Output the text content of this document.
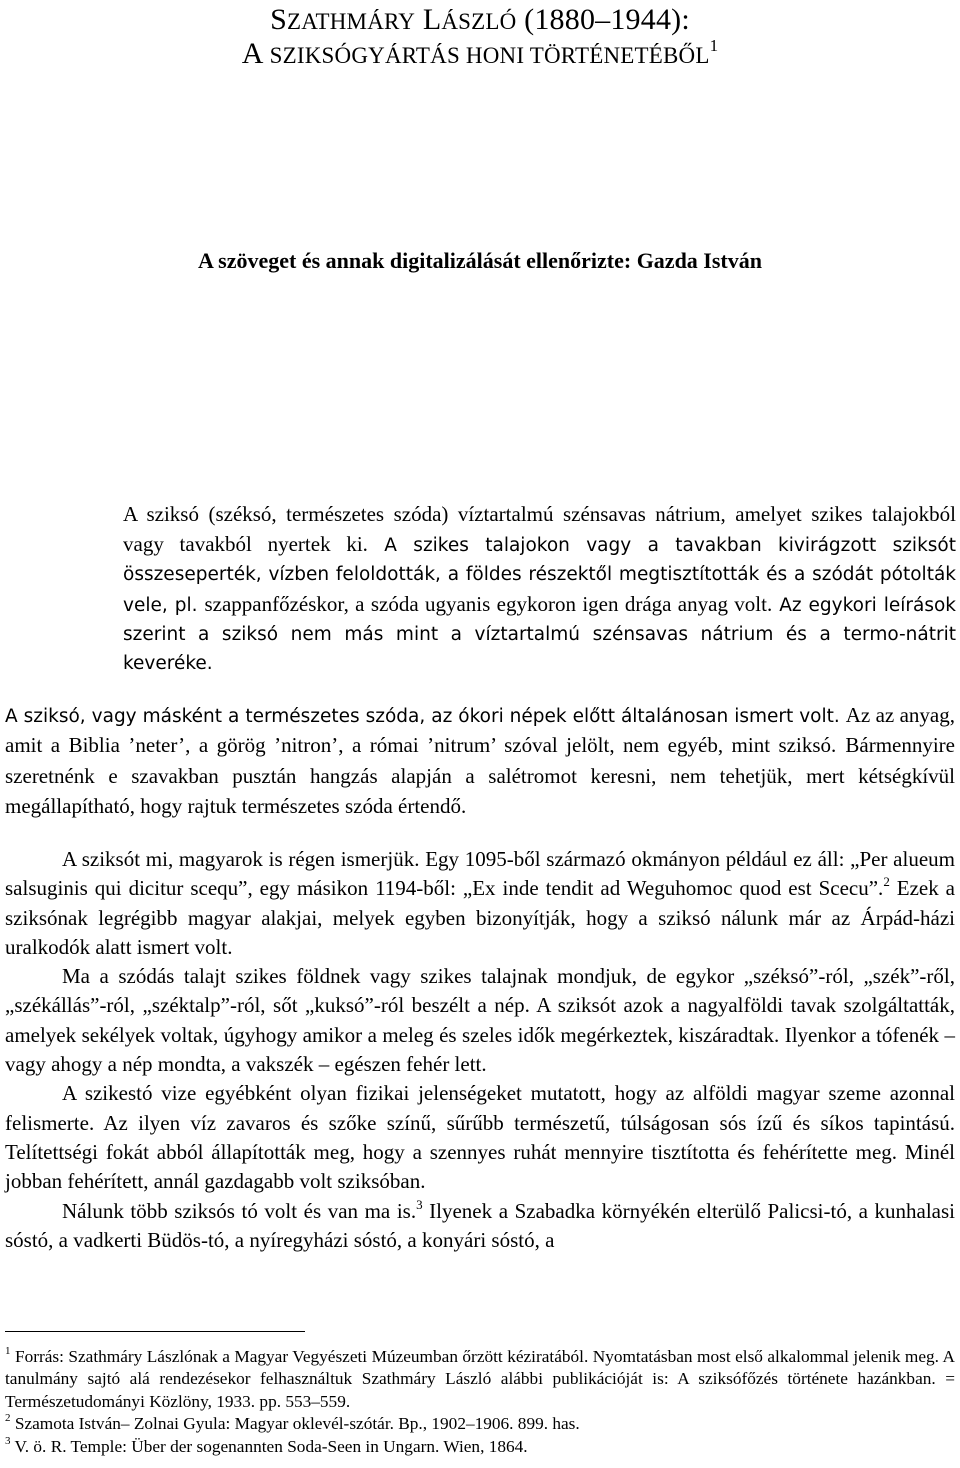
SZATHMÁRY LÁSZLÓ (1880–1944):
A SZIKSÓGYÁRTÁS HONI TÖRTÉNETÉBŐL$^1$
A szöveget és annak digitalizálását ellenőrizte: Gazda István

A sziksó (széksó, természetes szóda) víztartalmú szénsavas nátrium, amelyet szikes talajokból vagy tavakból nyertek ki. A szikes talajokon vagy a tavakban kivirágzott sziksót összeseperték, vízben feloldották, a földes részektől megtisztították és a szódát pótolták vele, pl. szappanfőzéskor, a szóda ugyanis egykoron igen drága anyag volt. Az egykori leírások szerint a sziksó nem más mint a víztartalmú szénsavas nátrium és a termo-nátrit keveréke.

A sziksó, vagy másként a természetes szóda, az ókori népek előtt általánosan ismert volt. Az az anyag, amit a Biblia ’neter’, a görög ’nitron’, a római ’nitrum’ szóval jelölt, nem egyéb, mint sziksó. Bármennyire szeretnénk e szavakban pusztán hangzás alapján a salétromot keresni, nem tehetjük, mert kétségkívül megállapítható, hogy rajtuk természetes szóda értendő.

A sziksót mi, magyarok is régen ismerjük. Egy 1095-ből származó okmányon például ez áll: „Per alueum salsuginis qui dicitur scequ”, egy másikon 1194-ből: „Ex inde tendit ad Weguhomoc quod est Scecu”.$^2$ Ezek a sziksónak legrégibb magyar alakjai, melyek egyben bizonyítják, hogy a sziksó nálunk már az Árpád-házi uralkodók alatt ismert volt.

Ma a szódás talajt szikes földnek vagy szikes talajnak mondjuk, de egykor „széksó”-ról, „szék”-ről, „székállás”-ról, „széktalp”-ról, sőt „kuksó”-ról beszélt a nép. A sziksót azok a nagyalföldi tavak szolgáltatták, amelyek sekélyek voltak, úgyhogy amikor a meleg és szeles idők megérkeztek, kiszáradtak. Ilyenkor a tófenék – vagy ahogy a nép mondta, a vakszék – egészen fehér lett.

A szikestó vize egyébként olyan fizikai jelenségeket mutatott, hogy az alföldi magyar szeme azonnal felismerte. Az ilyen víz zavaros és szőke színű, sűrűbb természetű, túlságosan sós ízű és síkos tapintású. Telítettségi fokát abból állapították meg, hogy a szennyes ruhát mennyire tisztította és fehérítette meg. Minél jobban fehérített, annál gazdagabb volt sziksóban.

Nálunk több sziksós tó volt és van ma is.$^3$ Ilyenek a Szabadka környékén elterülő Palicsi-tó, a kunhalasi sóstó, a vadkerti Büdös-tó, a nyíregyházi sóstó, a konyári sóstó, a

$^1$ Forrás: Szathmáry Lászlónak a Magyar Vegyészeti Múzeumban őrzött kéziratából. Nyomtatásban most első alkalommal jelenik meg. A tanulmány sajtó alá rendezésekor felhasználtuk Szathmáry László alábbi publikációját is: A sziksófőzés története hazánkban. = Természetudományi Közlöny, 1933. pp. 553–559.

$^2$ Szamota István– Zolnai Gyula: Magyar oklevél-szótár. Bp., 1902–1906. 899. has.

$^3$ V. ö. R. Temple: Über der sogenannten Soda-Seen in Ungarn. Wien, 1864.
